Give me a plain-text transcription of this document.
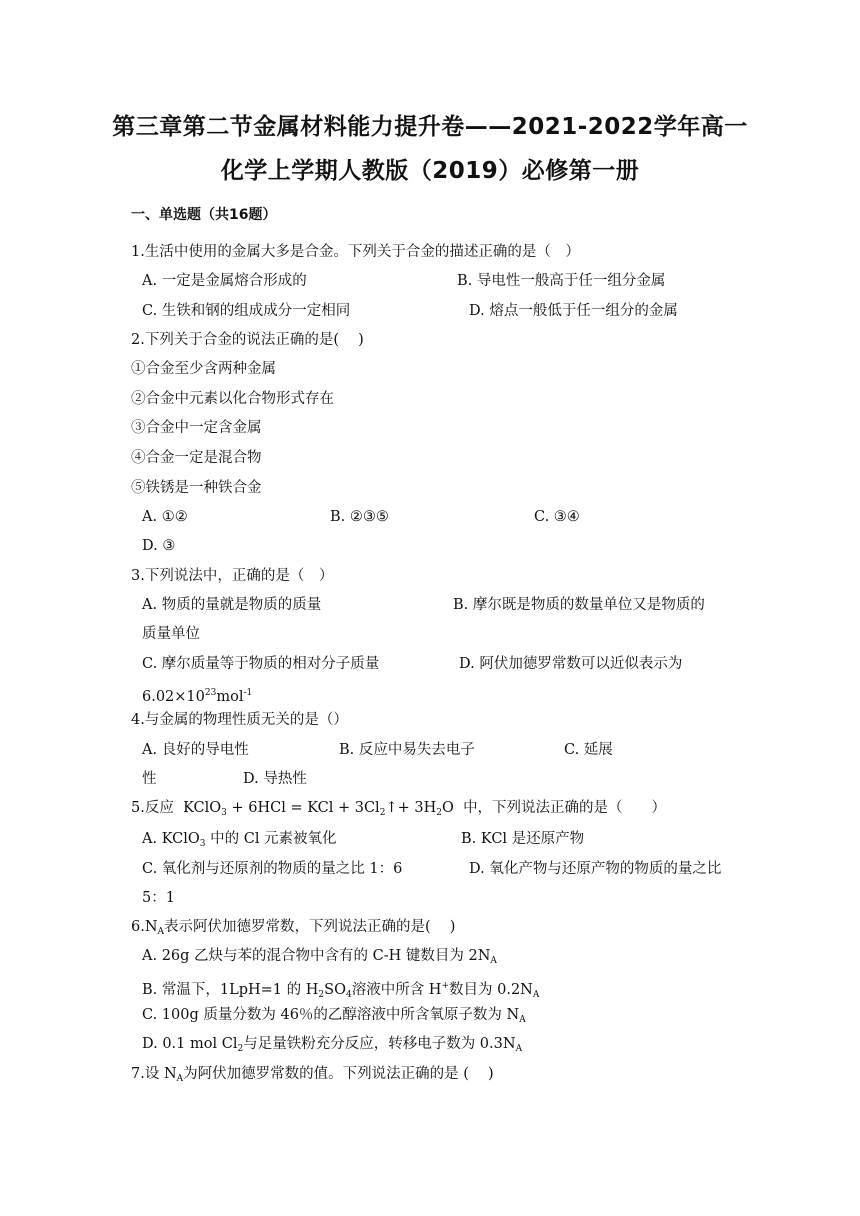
第三章第二节金属材料能力提升卷——2021-2022学年高一
化学上学期人教版（2019）必修第一册
一、单选题（共16题）
1.生活中使用的金属大多是合金。下列关于合金的描述正确的是（　）
A. 一定是金属熔合形成的	B. 导电性一般高于任一组分金属
C. 生铁和钢的组成成分一定相同	D. 熔点一般低于任一组分的金属
2.下列关于合金的说法正确的是(　 )
①合金至少含两种金属
②合金中元素以化合物形式存在
③合金中一定含金属
④合金一定是混合物
⑤铁锈是一种铁合金
A. ①②	B. ②③⑤	C. ③④
D. ③
3.下列说法中，正确的是（　）
A. 物质的量就是物质的质量	B. 摩尔既是物质的数量单位又是物质的
质量单位
C. 摩尔质量等于物质的相对分子质量	D. 阿伏加德罗常数可以近似表示为
$6.02\times 10^{23}mol^{-1}$
4.与金属的物理性质无关的是（）
A. 良好的导电性	B. 反应中易失去电子	C. 延展
性	D. 导热性
5.反应 KClO$_3$ + 6HCl = KCl + $3Cl_2↑+ 3H_2O$ 中，下列说法正确的是（　　）
A. KClO$_3$ 中的 Cl 元素被氧化	B. KCl 是还原产物
C. 氧化剂与还原剂的物质的量之比 1：6	D. 氧化产物与还原产物的物质的量之比
5：1
$6.N_A$表示阿伏加德罗常数，下列说法正确的是(　 )
A. 26g 乙炔与苯的混合物中含有的 C-H 键数目为 $2N_A$
B. 常温下，1LpH=1 的 $H_2SO_4$溶液中所含 H+数目为 $0.2N_A$
C. 100g 质量分数为 46％的乙醇溶液中所含氧原子数为 $N_A$
D. 0.1 mol $Cl_2$与足量铁粉充分反应，转移电子数为 $0.3N_A$
7.设 $N_A$为阿伏加德罗常数的值。下列说法正确的是 (　 )
